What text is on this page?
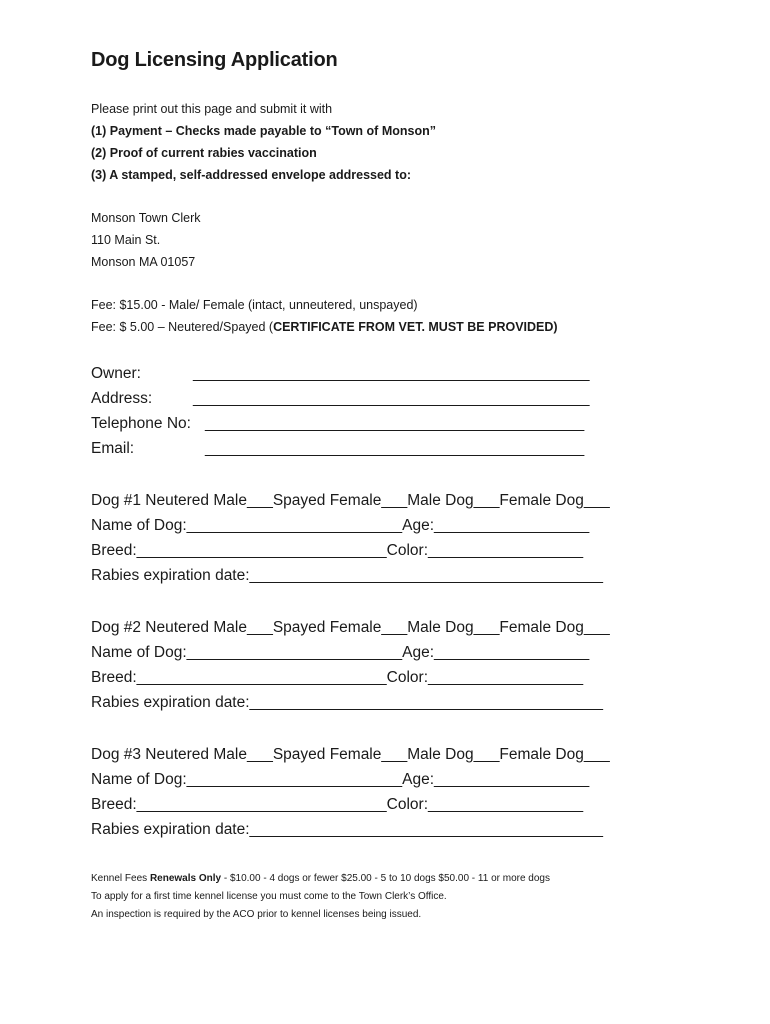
Dog Licensing Application
Please print out this page and submit it with
(1) Payment – Checks made payable to “Town of Monson”
(2) Proof of current rabies vaccination
(3) A stamped, self-addressed envelope addressed to:
Monson Town Clerk
110 Main St.
Monson MA 01057
Fee: $15.00 - Male/ Female (intact, unneutered, unspayed)
Fee: $ 5.00 – Neutered/Spayed (CERTIFICATE FROM VET. MUST BE PROVIDED)
Owner:	______________________________________________
Address:	______________________________________________
Telephone No: ____________________________________________
Email:	____________________________________________
Dog #1 Neutered Male___Spayed Female___Male Dog___Female Dog___
Name of Dog:_________________________Age:__________________
Breed:_____________________________Color:__________________
Rabies expiration date:_________________________________________
Dog #2 Neutered Male___Spayed Female___Male Dog___Female Dog___
Name of Dog:_________________________Age:__________________
Breed:_____________________________Color:__________________
Rabies expiration date:_________________________________________
Dog #3 Neutered Male___Spayed Female___Male Dog___Female Dog___
Name of Dog:_________________________Age:__________________
Breed:_____________________________Color:__________________
Rabies expiration date:_________________________________________
Kennel Fees Renewals Only - $10.00 - 4 dogs or fewer $25.00 - 5 to 10 dogs $50.00 - 11 or more dogs
To apply for a first time kennel license you must come to the Town Clerk’s Office.
An inspection is required by the ACO prior to kennel licenses being issued.
